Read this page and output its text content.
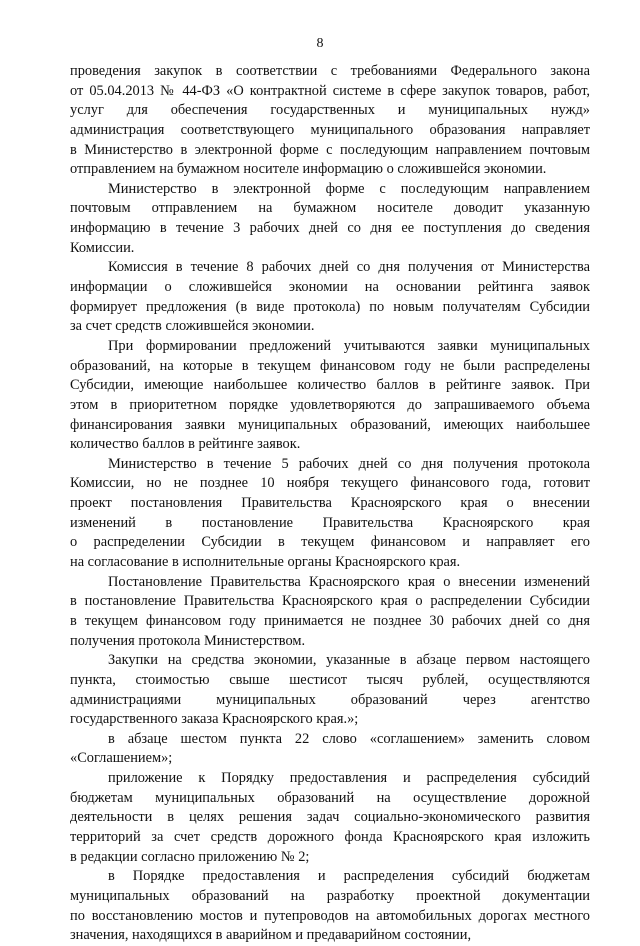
8
проведения закупок в соответствии с требованиями Федерального закона
от 05.04.2013 № 44-ФЗ «О контрактной системе в сфере закупок товаров, работ,
услуг для обеспечения государственных и муниципальных нужд»
администрация соответствующего муниципального образования направляет
в Министерство в электронной форме с последующим направлением почтовым
отправлением на бумажном носителе информацию о сложившейся экономии.
Министерство в электронной форме с последующим направлением
почтовым отправлением на бумажном носителе доводит указанную
информацию в течение 3 рабочих дней со дня ее поступления до сведения
Комиссии.
Комиссия в течение 8 рабочих дней со дня получения от Министерства
информации о сложившейся экономии на основании рейтинга заявок
формирует предложения (в виде протокола) по новым получателям Субсидии
за счет средств сложившейся экономии.
При формировании предложений учитываются заявки муниципальных
образований, на которые в текущем финансовом году не были распределены
Субсидии, имеющие наибольшее количество баллов в рейтинге заявок. При
этом в приоритетном порядке удовлетворяются до запрашиваемого объема
финансирования заявки муниципальных образований, имеющих наибольшее
количество баллов в рейтинге заявок.
Министерство в течение 5 рабочих дней со дня получения протокола
Комиссии, но не позднее 10 ноября текущего финансового года, готовит
проект постановления Правительства Красноярского края о внесении
изменений в постановление Правительства Красноярского края
о распределении Субсидии в текущем финансовом и направляет его
на согласование в исполнительные органы Красноярского края.
Постановление Правительства Красноярского края о внесении изменений
в постановление Правительства Красноярского края о распределении Субсидии
в текущем финансовом году принимается не позднее 30 рабочих дней со дня
получения протокола Министерством.
Закупки на средства экономии, указанные в абзаце первом настоящего
пункта, стоимостью свыше шестисот тысяч рублей, осуществляются
администрациями муниципальных образований через агентство
государственного заказа Красноярского края.»;
в абзаце шестом пункта 22 слово «соглашением» заменить словом
«Соглашением»;
приложение к Порядку предоставления и распределения субсидий
бюджетам муниципальных образований на осуществление дорожной
деятельности в целях решения задач социально-экономического развития
территорий за счет средств дорожного фонда Красноярского края изложить
в редакции согласно приложению № 2;
в Порядке предоставления и распределения субсидий бюджетам
муниципальных образований на разработку проектной документации
по восстановлению мостов и путепроводов на автомобильных дорогах местного
значения, находящихся в аварийном и предаварийном состоянии,
